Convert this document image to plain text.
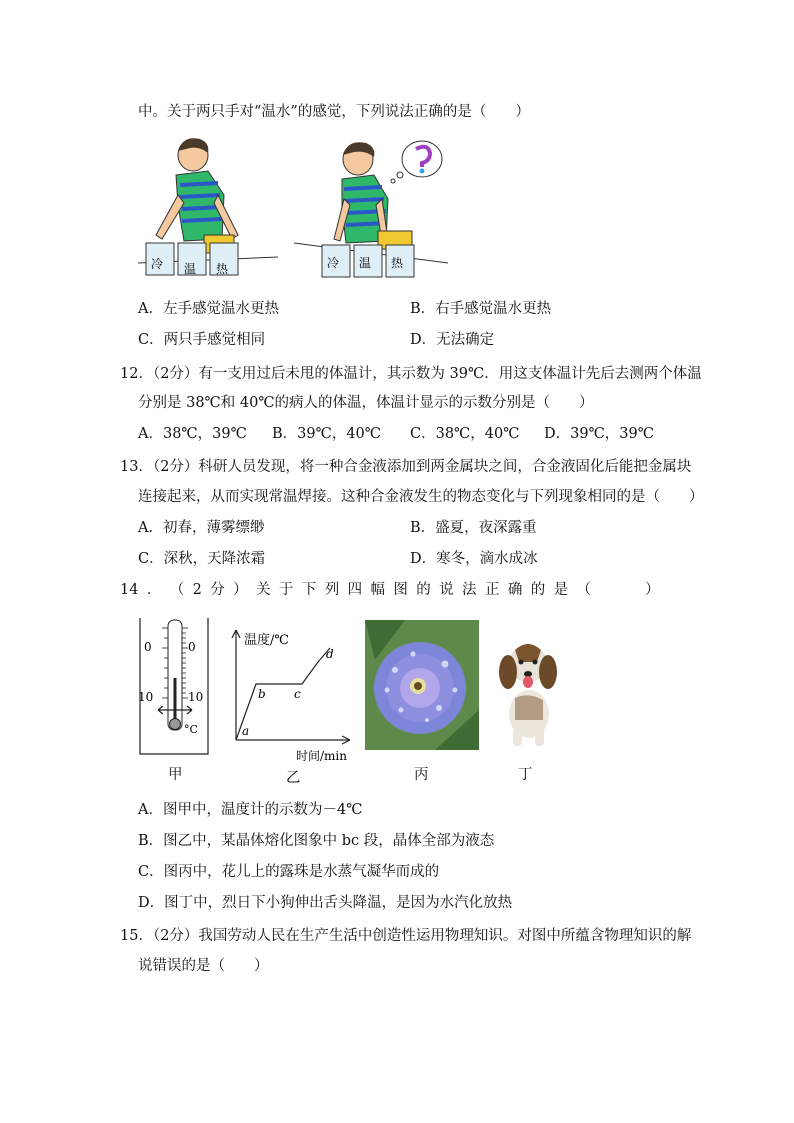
中。关于两只手对“温水”的感觉，下列说法正确的是（　　）
冷 温 热	冷 温 热
A．左手感觉温水更热	B．右手感觉温水更热
C．两只手感觉相同	D．无法确定
12．（2分）有一支用过后未甩的体温计，其示数为 39℃．用这支体温计先后去测两个体温
分别是 38℃和 40℃的病人的体温，体温计显示的示数分别是（　　）
A．38℃，39℃ B．39℃，40℃ C．38℃，40℃ D．39℃，39℃
13．（2分）科研人员发现，将一种合金液添加到两金属块之间，合金液固化后能把金属块
连接起来，从而实现常温焊接。这种合金液发生的物态变化与下列现象相同的是（　　）
A．初春，薄雾缥缈	B．盛夏，夜深露重
C．深秋，天降浓霜	D．寒冬，滴水成冰
14 ． （ 2 分 ） 关 于 下 列 四 幅 图 的 说 法 正 确 的 是 （

　	）
0	0
10	10
°C
温度/℃
时间/min
a
b c
d
甲	乙	丙	丁
A．图甲中，温度计的示数为－4℃
B．图乙中，某晶体熔化图象中 bc 段，晶体全部为液态
C．图丙中，花儿上的露珠是水蒸气凝华而成的
D．图丁中，烈日下小狗伸出舌头降温，是因为水汽化放热
15．（2分）我国劳动人民在生产生活中创造性运用物理知识。对图中所蕴含物理知识的解
说错误的是（　　）
